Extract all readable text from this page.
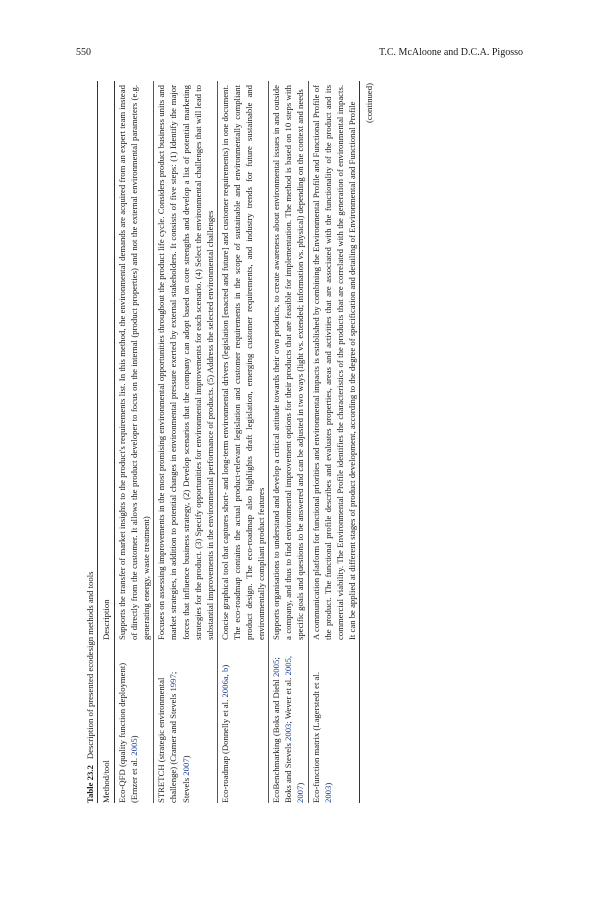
550	T.C. McAloone and D.C.A. Pigosso
Table 23.2Description of presented ecodesign methods and tools
Method/tool	Description
Eco-QFD (quality function deployment) (Ernzer et al. 2005)	Supports the transfer of market insights to the product's requirements list. In this method, the environmental demands are acquired from an expert team instead of directly from the customer. It allows the product developer to focus on the internal (product properties) and not the external environmental parameters (e.g. generating energy, waste treatment)
STRETCH (strategic environmental challenge) (Cramer and Stevels 1997; Stevels 2007)	Focuses on assessing improvements in the most promising environmental opportunities throughout the product life cycle. Considers product business units and market strategies, in addition to potential changes in environmental pressure exerted by external stakeholders. It consists of five steps: (1) Identify the major forces that influence business strategy, (2) Develop scenarios that the company can adopt based on core strengths and develop a list of potential marketing strategies for the product. (3) Specify opportunities for environmental improvements for each scenario. (4) Select the environmental challenges that will lead to substantial improvements in the environmental performance of products. (5) Address the selected environmental challenges
Eco-roadmap (Donnelly et al. 2006a, b)	Concise graphical tool that captures short- and long-term environmental drivers (legislation [enacted and future] and customer requirements) in one document. The eco-roadmap contains the actual product-relevant legislation and customer requirements in the scope of sustainable and environmentally compliant product design. The eco-roadmap also highlights draft legislation, emerging customer requirements, and industry trends for future sustainable and environmentally compliant product features
EcoBenchmarking (Boks and Diehl 2005; Boks and Stevels 2003; Wever et al. 2005, 2007)	Supports organisations to understand and develop a critical attitude towards their own products, to create awareness about environmental issues in and outside a company, and thus to find environmental improvement options for their products that are feasible for implementation. The method is based on 10 steps with specific goals and questions to be answered and can be adjusted in two ways (light vs. extended; information vs. physical) depending on the context and needs
Eco-function matrix (Lagerstedt et al. 2003)	A communication platform for functional priorities and environmental impacts is established by combining the Environmental Profile and Functional Profile of the product. The functional profile describes and evaluates properties, areas and activities that are associated with the functionality of the product and its commercial viability. The Environmental Profile identifies the characteristics of the products that are correlated with the generation of environmental impacts. It can be applied at different stages of product development, according to the degree of specification and detailing of Environmental and Functional Profile (continued)
